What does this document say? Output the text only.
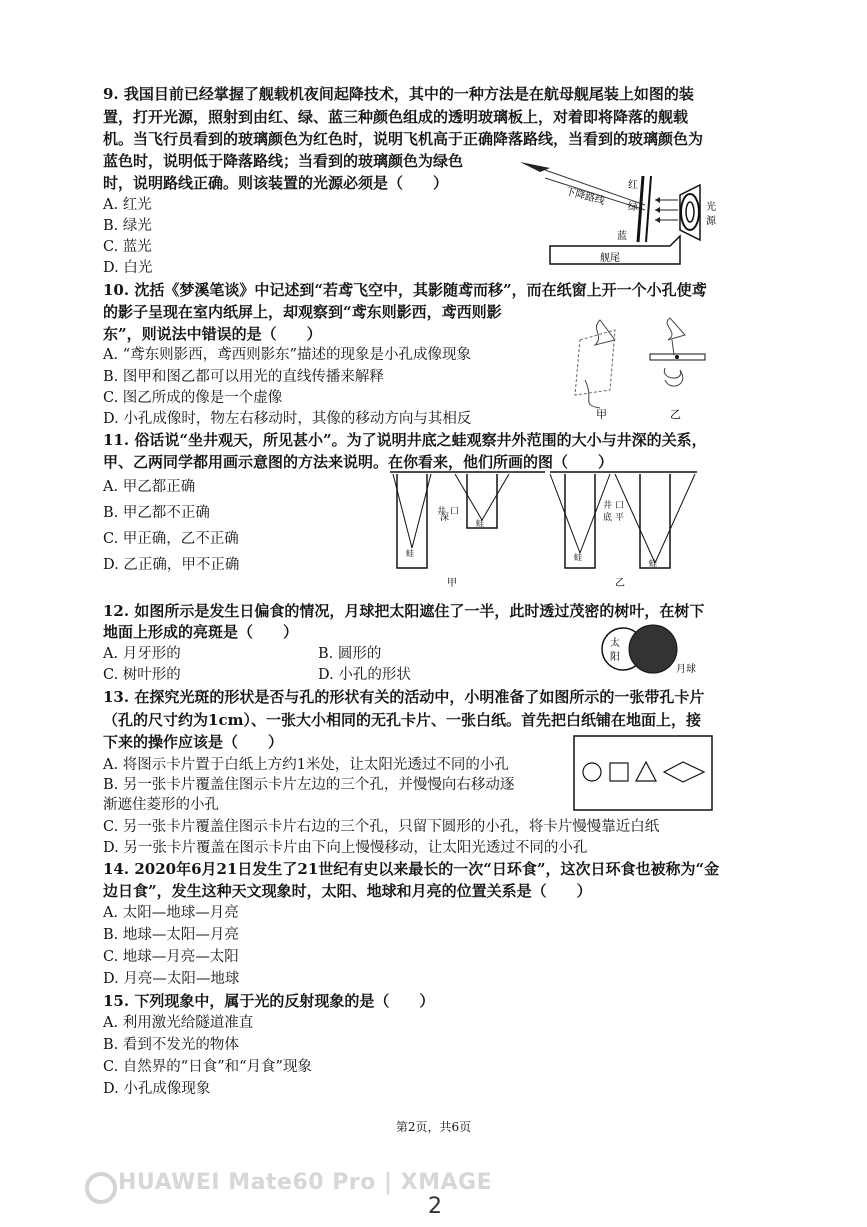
9. 我国目前已经掌握了舰载机夜间起降技术，其中的一种方法是在航母舰尾装上如图的装
置，打开光源，照射到由红、绿、蓝三种颜色组成的透明玻璃板上，对着即将降落的舰载
机。当飞行员看到的玻璃颜色为红色时，说明飞机高于正确降落路线，当看到的玻璃颜色为
蓝色时，说明低于降落路线；当看到的玻璃颜色为绿色
时，说明路线正确。则该装置的光源必须是（　　）
A. 红光
B. 绿光
C. 蓝光
D. 白光
下降路线
红
绿
蓝
光
源
舰尾
10. 沈括《梦溪笔谈》中记述到“若鸢飞空中，其影随鸢而移”，而在纸窗上开一个小孔使鸢
的影子呈现在室内纸屏上，却观察到“鸢东则影西，鸢西则影
东”，则说法中错误的是（　　）
A. “鸢东则影西，鸢西则影东”描述的现象是小孔成像现象
B. 图甲和图乙都可以用光的直线传播来解释
C. 图乙所成的像是一个虚像
D. 小孔成像时，物左右移动时，其像的移动方向与其相反	甲	乙
11. 俗话说“坐井观天，所见甚小”。为了说明井底之蛙观察井外范围的大小与井深的关系，
甲、乙两同学都用画示意图的方法来说明。在你看来，他们所画的图（　　）
A. 甲乙都正确
B. 甲乙都不正确
C. 甲正确，乙不正确
D. 乙正确，甲不正确
蛙
蛙
井 口
深
甲
蛙
蛙
井
底
口
平
乙
12. 如图所示是发生日偏食的情况，月球把太阳遮住了一半，此时透过茂密的树叶，在树下
地面上形成的亮斑是（　　）
A. 月牙形的	B. 圆形的
C. 树叶形的	D. 小孔的形状
太
阳
月球
13. 在探究光斑的形状是否与孔的形状有关的活动中，小明准备了如图所示的一张带孔卡片
（孔的尺寸约为1cm）、一张大小相同的无孔卡片、一张白纸。首先把白纸铺在地面上，接
下来的操作应该是（　　）
A. 将图示卡片置于白纸上方约1米处，让太阳光透过不同的小孔
B. 另一张卡片覆盖住图示卡片左边的三个孔，并慢慢向右移动逐
渐遮住菱形的小孔
C. 另一张卡片覆盖住图示卡片右边的三个孔，只留下圆形的小孔，将卡片慢慢靠近白纸
D. 另一张卡片覆盖在图示卡片由下向上慢慢移动，让太阳光透过不同的小孔
14. 2020年6月21日发生了21世纪有史以来最长的一次“日环食”，这次日环食也被称为“金
边日食”，发生这种天文现象时，太阳、地球和月亮的位置关系是（　　）
A. 太阳—地球—月亮
B. 地球—太阳—月亮
C. 地球—月亮—太阳
D. 月亮—太阳—地球
15. 下列现象中，属于光的反射现象的是（　　）
A. 利用激光给隧道准直
B. 看到不发光的物体
C. 自然界的“日食”和“月食”现象
D. 小孔成像现象
第2页，共6页
HUAWEI Mate60 Pro | XMAGE
2
